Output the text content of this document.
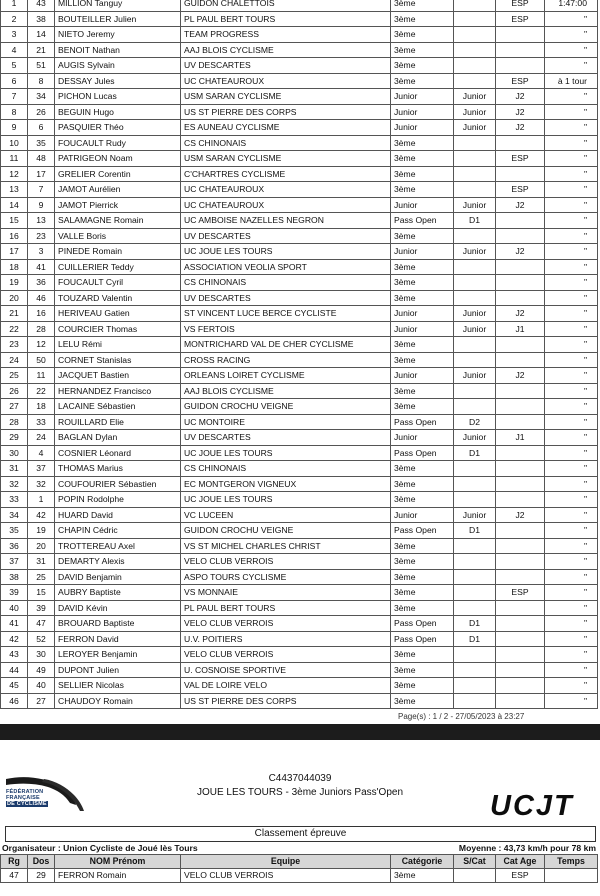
1	43	MILLION Tanguy	GUIDON CHALETTOIS	3ème		ESP	1:47:00
2	38	BOUTEILLER Julien	PL PAUL BERT TOURS	3ème		ESP	"
3	14	NIETO Jeremy	TEAM PROGRESS	3ème			"
4	21	BENOIT Nathan	AAJ BLOIS CYCLISME	3ème			"
5	51	AUGIS Sylvain	UV DESCARTES	3ème			"
6	8	DESSAY Jules	UC CHATEAUROUX	3ème		ESP	à 1 tour
7	34	PICHON Lucas	USM SARAN CYCLISME	Junior	Junior	J2	"
8	26	BEGUIN Hugo	US ST PIERRE DES CORPS	Junior	Junior	J2	"
9	6	PASQUIER Théo	ES AUNEAU CYCLISME	Junior	Junior	J2	"
10	35	FOUCAULT Rudy	CS CHINONAIS	3ème			"
11	48	PATRIGEON Noam	USM SARAN CYCLISME	3ème		ESP	"
12	17	GRELIER Corentin	C'CHARTRES CYCLISME	3ème			"
13	7	JAMOT Aurélien	UC CHATEAUROUX	3ème		ESP	"
14	9	JAMOT Pierrick	UC CHATEAUROUX	Junior	Junior	J2	"
15	13	SALAMAGNE Romain	UC AMBOISE NAZELLES NEGRON	Pass Open	D1		"
16	23	VALLE Boris	UV DESCARTES	3ème			"
17	3	PINEDE Romain	UC JOUE LES TOURS	Junior	Junior	J2	"
18	41	CUILLERIER Teddy	ASSOCIATION VEOLIA SPORT	3ème			"
19	36	FOUCAULT Cyril	CS CHINONAIS	3ème			"
20	46	TOUZARD Valentin	UV DESCARTES	3ème			"
21	16	HERIVEAU Gatien	ST VINCENT LUCE BERCE CYCLISTE	Junior	Junior	J2	"
22	28	COURCIER Thomas	VS FERTOIS	Junior	Junior	J1	"
23	12	LELU Rémi	MONTRICHARD VAL DE CHER CYCLISME	3ème			"
24	50	CORNET Stanislas	CROSS RACING	3ème			"
25	11	JACQUET Bastien	ORLEANS LOIRET CYCLISME	Junior	Junior	J2	"
26	22	HERNANDEZ Francisco	AAJ BLOIS CYCLISME	3ème			"
27	18	LACAINE Sébastien	GUIDON CROCHU VEIGNE	3ème			"
28	33	ROUILLARD Elie	UC MONTOIRE	Pass Open	D2		"
29	24	BAGLAN Dylan	UV DESCARTES	Junior	Junior	J1	"
30	4	COSNIER Léonard	UC JOUE LES TOURS	Pass Open	D1		"
31	37	THOMAS Marius	CS CHINONAIS	3ème			"
32	32	COUFOURIER Sébastien	EC MONTGERON VIGNEUX	3ème			"
33	1	POPIN Rodolphe	UC JOUE LES TOURS	3ème			"
34	42	HUARD David	VC LUCEEN	Junior	Junior	J2	"
35	19	CHAPIN Cédric	GUIDON CROCHU VEIGNE	Pass Open	D1		"
36	20	TROTTEREAU Axel	VS ST MICHEL CHARLES CHRIST	3ème			"
37	31	DEMARTY Alexis	VELO CLUB VERROIS	3ème			"
38	25	DAVID Benjamin	ASPO TOURS CYCLISME	3ème			"
39	15	AUBRY Baptiste	VS MONNAIE	3ème		ESP	"
40	39	DAVID Kévin	PL PAUL BERT TOURS	3ème			"
41	47	BROUARD Baptiste	VELO CLUB VERROIS	Pass Open	D1		"
42	52	FERRON David	U.V. POITIERS	Pass Open	D1		"
43	30	LEROYER Benjamin	VELO CLUB VERROIS	3ème			"
44	49	DUPONT Julien	U. COSNOISE SPORTIVE	3ème			"
45	40	SELLIER Nicolas	VAL DE LOIRE VELO	3ème			"
46	27	CHAUDOY Romain	US ST PIERRE DES CORPS	3ème			"
Page(s) : 1 / 2 - 27/05/2023 à 23:27
FÉDÉRATION
FRANÇAISE
DE CYCLISME
C4437044039
JOUE LES TOURS - 3ème Juniors Pass'Open	UCJT
Classement épreuve
Organisateur : Union Cycliste de Joué lès Tours	Moyenne : 43,73 km/h pour 78 km
Rg	Dos	NOM Prénom	Equipe	Catégorie	S/Cat	Cat Age	Temps
47	29	FERRON Romain	VELO CLUB VERROIS	3ème		ESP	
